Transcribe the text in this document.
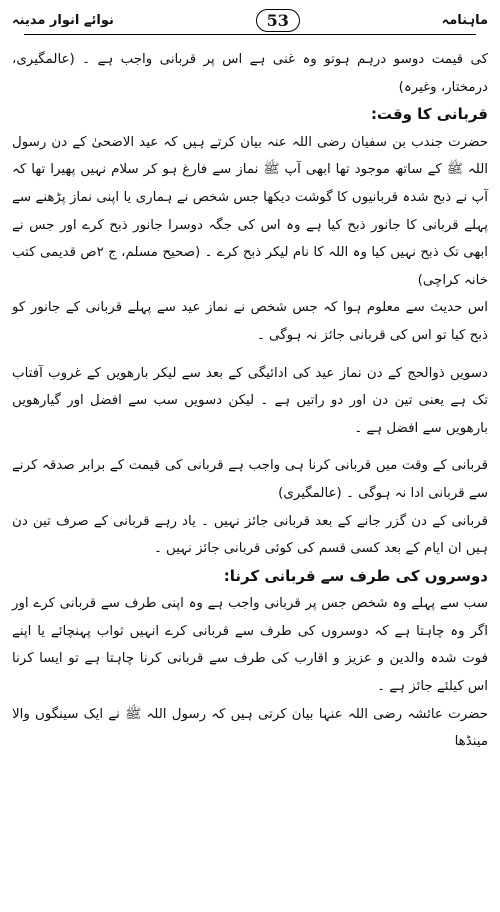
ماہنامہ
53
نوائے انوار مدینہ

کی قیمت دوسو درہم ہوتو وہ غنی ہے اس پر قربانی واجب ہے ۔ (عالمگیری، درمختار، وغیرہ)

قربانی کا وقت:

حضرت جندب بن سفیان رضی اللہ عنہ بیان کرتے ہیں کہ عید الاضحیٰ کے دن رسول اللہ ﷺ کے ساتھ موجود تھا ابھی آپ ﷺ نماز سے فارغ ہو کر سلام نہیں پھیرا تھا کہ آپ نے ذبح شدہ قربانیوں کا گوشت دیکھا جس شخص نے ہماری یا اپنی نماز پڑھنے سے پہلے قربانی کا جانور ذبح کیا ہے وہ اس کی جگہ دوسرا جانور ذبح کرے اور جس نے ابھی تک ذبح نہیں کیا وہ اللہ کا نام لیکر ذبح کرے ۔ (صحیح مسلم، ج ۲ص قدیمی کتب خانہ کراچی)

اس حدیث سے معلوم ہوا کہ جس شخص نے نماز عید سے پہلے قربانی کے جانور کو ذبح کیا تو اس کی قربانی جائز نہ ہوگی ۔

دسویں ذوالحج کے دن نماز عید کی ادائیگی کے بعد سے لیکر بارھویں کے غروب آفتاب تک ہے یعنی تین دن اور دو راتیں ہے ۔ لیکن دسویں سب سے افضل اور گیارھویں بارھویں سے افضل ہے ۔

قربانی کے وقت میں قربانی کرنا ہی واجب ہے قربانی کی قیمت کے برابر صدقہ کرنے سے قربانی ادا نہ ہوگی ۔ (عالمگیری)

قربانی کے دن گزر جانے کے بعد قربانی جائز نہیں ۔ یاد رہے قربانی کے صرف تین دن ہیں ان ایام کے بعد کسی قسم کی کوئی قربانی جائز نہیں ۔

دوسروں کی طرف سے قربانی کرنا:

سب سے پہلے وہ شخص جس پر قربانی واجب ہے وہ اپنی طرف سے قربانی کرے اور اگر وہ چاہتا ہے کہ دوسروں کی طرف سے قربانی کرے انہیں ثواب پہنچائے یا اپنے فوت شدہ والدین و عزیز و اقارب کی طرف سے قربانی کرنا چاہتا ہے تو ایسا کرنا اس کیلئے جائز ہے ۔

حضرت عائشہ رضی اللہ عنہا بیان کرتی ہیں کہ رسول اللہ ﷺ نے ایک سینگوں والا مینڈھا
